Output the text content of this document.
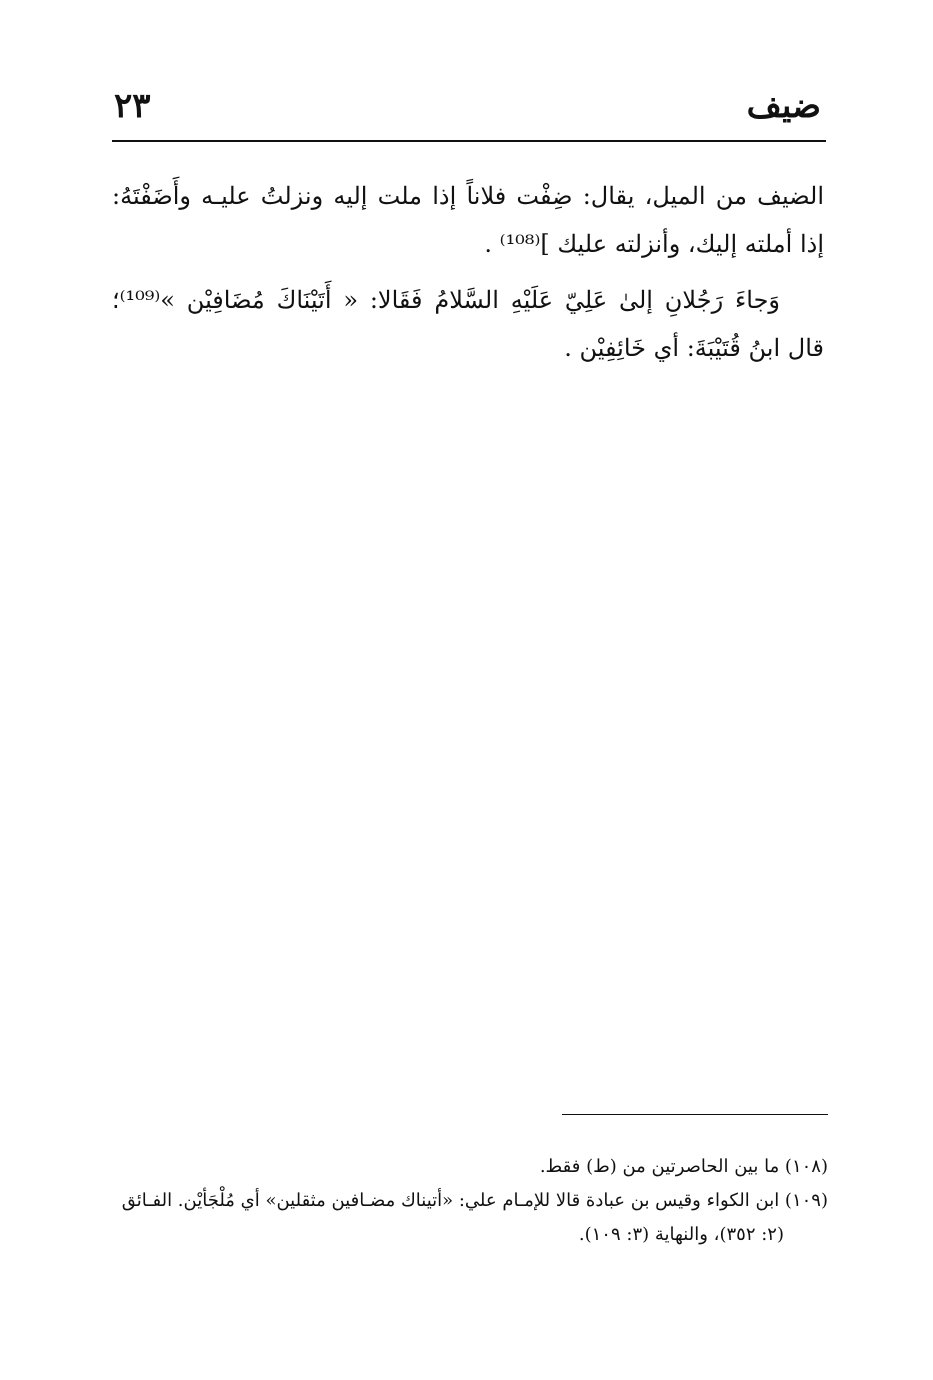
ضيف
٢٣

الضيف من الميل، يقال: ضِفْت فلاناً إذا ملت إليه ونزلتُ عليـه وأَضَفْتَهُ: إذا أملته إليك، وأنزلته عليك ]⁽¹⁰⁸⁾ .

وَجاءَ رَجُلانِ إلىٰ عَلِيّ عَلَيْهِ السَّلامُ فَقَالا: « أَتَيْنَاكَ مُضَافِيْن »⁽¹⁰⁹⁾؛ قال ابنُ قُتَيْبَةَ: أي خَائِفِيْن .

(١٠٨) ما بين الحاصرتين من (ط) فقط.

(١٠٩) ابن الكواء وقيس بن عبادة قالا للإمـام علي: «أتيناك مضـافين مثقلين» أي مُلْجَأيْن. الفـائق

(٢: ٣٥٢)، والنهاية (٣: ١٠٩).
